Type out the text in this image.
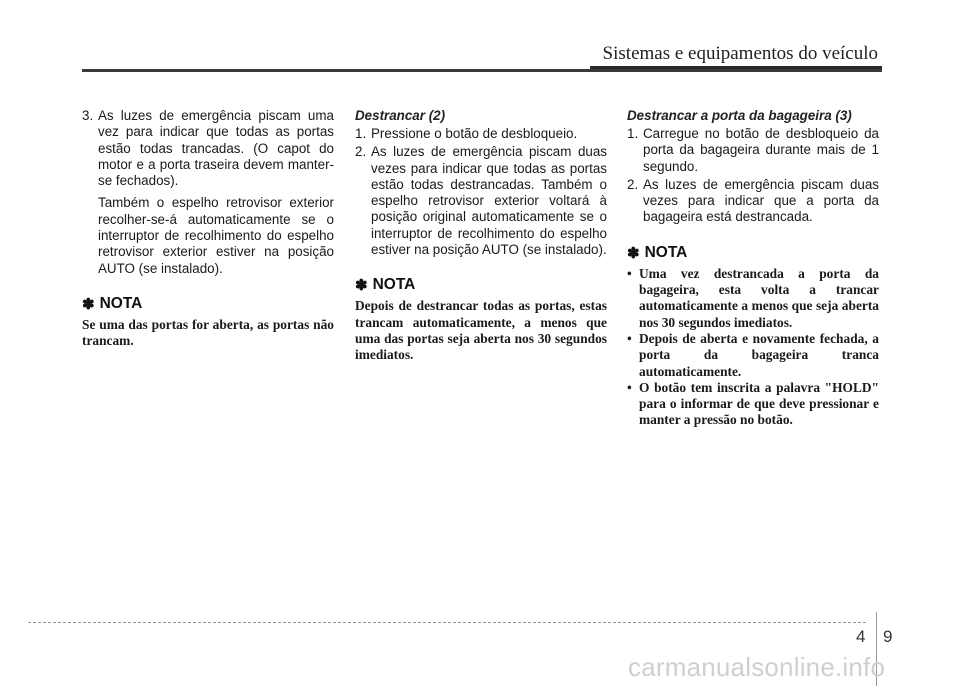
Sistemas e equipamentos do veículo
3. As luzes de emergência piscam uma vez para indicar que todas as portas estão todas trancadas. (O capot do motor e a porta traseira devem manter-se fechados).
Também o espelho retrovisor exterior recolher-se-á automaticamente se o interruptor de recolhimento do espelho retrovisor exterior estiver na posição AUTO (se instalado).
✽ NOTA
Se uma das portas for aberta, as portas não trancam.
Destrancar (2)
1. Pressione o botão de desbloqueio.
2. As luzes de emergência piscam duas vezes para indicar que todas as portas estão todas destrancadas. Também o espelho retrovisor exterior voltará à posição original automaticamente se o interruptor de recolhimento do espelho estiver na posição AUTO (se instalado).
✽ NOTA
Depois de destrancar todas as portas, estas trancam automaticamente, a menos que uma das portas seja aberta nos 30 segundos imediatos.
Destrancar a porta da bagageira (3)
1. Carregue no botão de desbloqueio da porta da bagageira durante mais de 1 segundo.
2. As luzes de emergência piscam duas vezes para indicar que a porta da bagageira está destrancada.
✽ NOTA
• Uma vez destrancada a porta da bagageira, esta volta a trancar automaticamente a menos que seja aberta nos 30 segundos imediatos.
• Depois de aberta e novamente fechada, a porta da bagageira tranca automaticamente.
• O botão tem inscrita a palavra "HOLD" para o informar de que deve pressionar e manter a pressão no botão.
4 9
carmanualsonline.info
